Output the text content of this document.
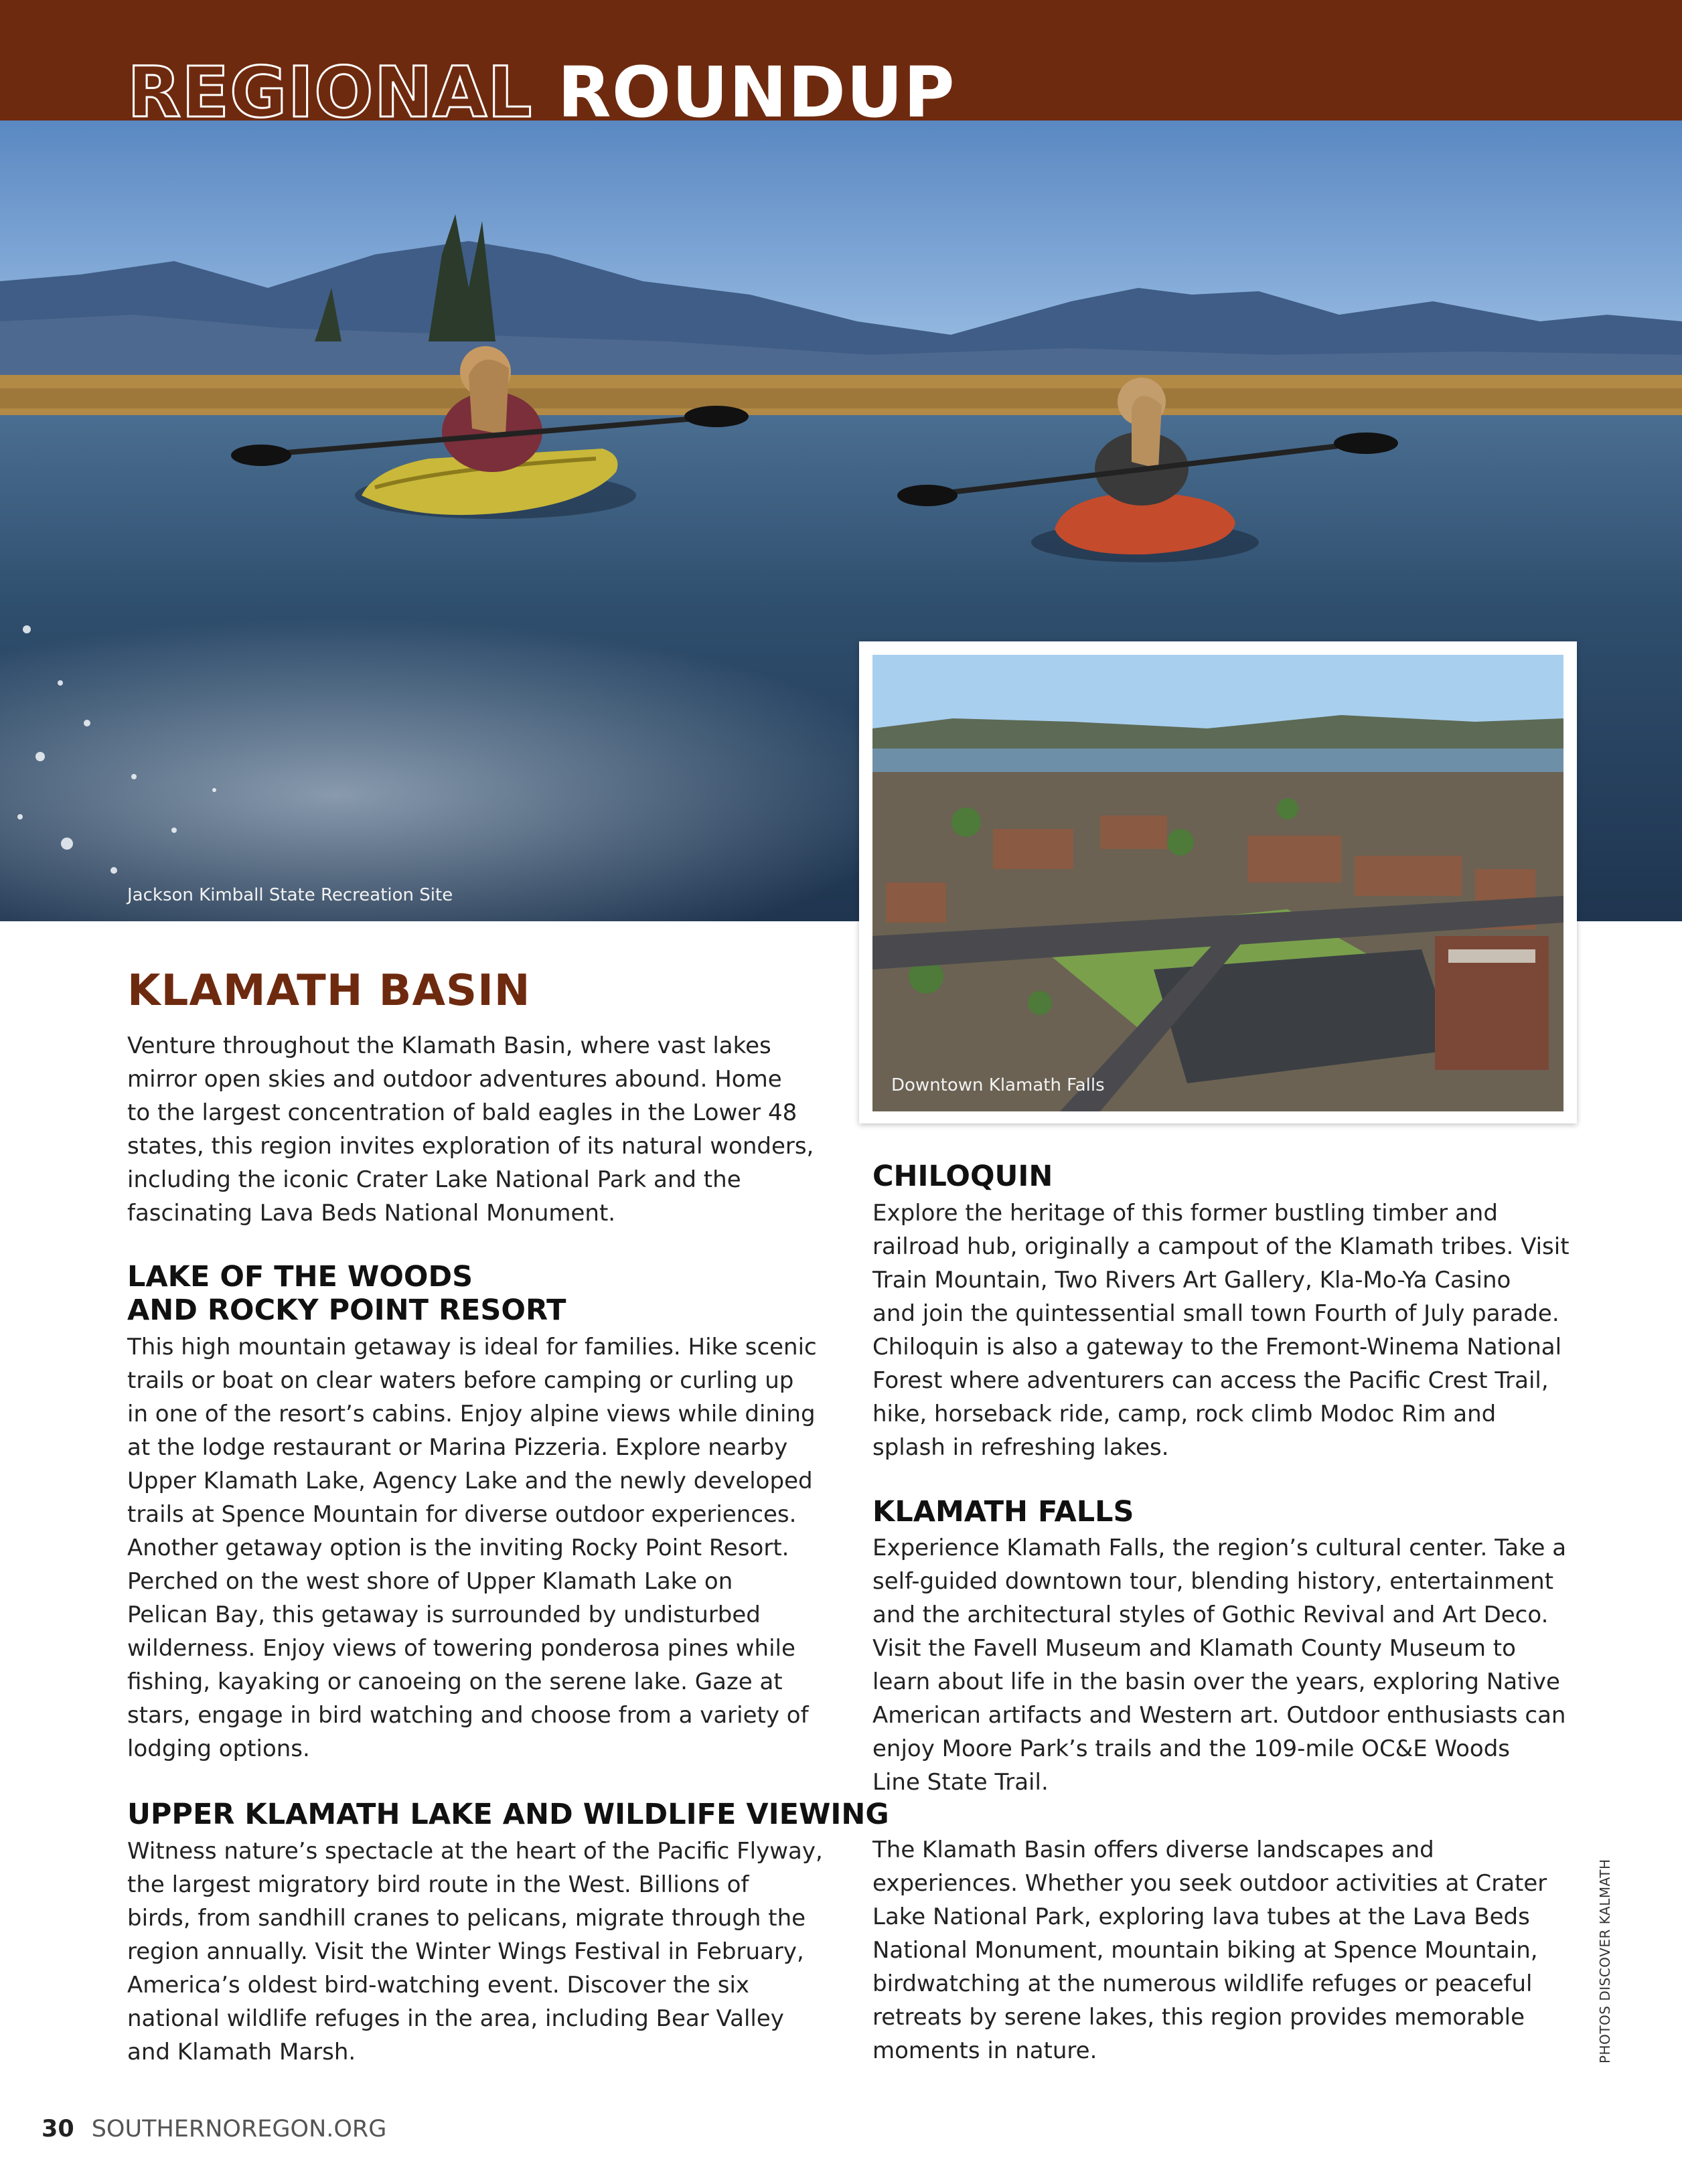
REGIONAL ROUNDUP
Jackson Kimball State Recreation Site
Downtown Klamath Falls
KLAMATH BASIN

Venture throughout the Klamath Basin, where vast lakes
mirror open skies and outdoor adventures abound. Home
to the largest concentration of bald eagles in the Lower 48
states, this region invites exploration of its natural wonders,
including the iconic Crater Lake National Park and the
fascinating Lava Beds National Monument.

LAKE OF THE WOODS
AND ROCKY POINT RESORT

This high mountain getaway is ideal for families. Hike scenic
trails or boat on clear waters before camping or curling up
in one of the resort’s cabins. Enjoy alpine views while dining
at the lodge restaurant or Marina Pizzeria. Explore nearby
Upper Klamath Lake, Agency Lake and the newly developed
trails at Spence Mountain for diverse outdoor experiences.
Another getaway option is the inviting Rocky Point Resort.
Perched on the west shore of Upper Klamath Lake on
Pelican Bay, this getaway is surrounded by undisturbed
wilderness. Enjoy views of towering ponderosa pines while
fishing, kayaking or canoeing on the serene lake. Gaze at
stars, engage in bird watching and choose from a variety of
lodging options.

UPPER KLAMATH LAKE AND WILDLIFE VIEWING

Witness nature’s spectacle at the heart of the Pacific Flyway,
the largest migratory bird route in the West. Billions of
birds, from sandhill cranes to pelicans, migrate through the
region annually. Visit the Winter Wings Festival in February,
America’s oldest bird-watching event. Discover the six
national wildlife refuges in the area, including Bear Valley
and Klamath Marsh.

CHILOQUIN

Explore the heritage of this former bustling timber and
railroad hub, originally a campout of the Klamath tribes. Visit
Train Mountain, Two Rivers Art Gallery, Kla-Mo-Ya Casino
and join the quintessential small town Fourth of July parade.
Chiloquin is also a gateway to the Fremont-Winema National
Forest where adventurers can access the Pacific Crest Trail,
hike, horseback ride, camp, rock climb Modoc Rim and
splash in refreshing lakes.

KLAMATH FALLS

Experience Klamath Falls, the region’s cultural center. Take a
self-guided downtown tour, blending history, entertainment
and the architectural styles of Gothic Revival and Art Deco.
Visit the Favell Museum and Klamath County Museum to
learn about life in the basin over the years, exploring Native
American artifacts and Western art. Outdoor enthusiasts can
enjoy Moore Park’s trails and the 109-mile OC&E Woods
Line State Trail.

The Klamath Basin offers diverse landscapes and
experiences. Whether you seek outdoor activities at Crater
Lake National Park, exploring lava tubes at the Lava Beds
National Monument, mountain biking at Spence Mountain,
birdwatching at the numerous wildlife refuges or peaceful
retreats by serene lakes, this region provides memorable
moments in nature.	PHOTOS DISCOVER KALMATH
30 SOUTHERNOREGON.ORG
